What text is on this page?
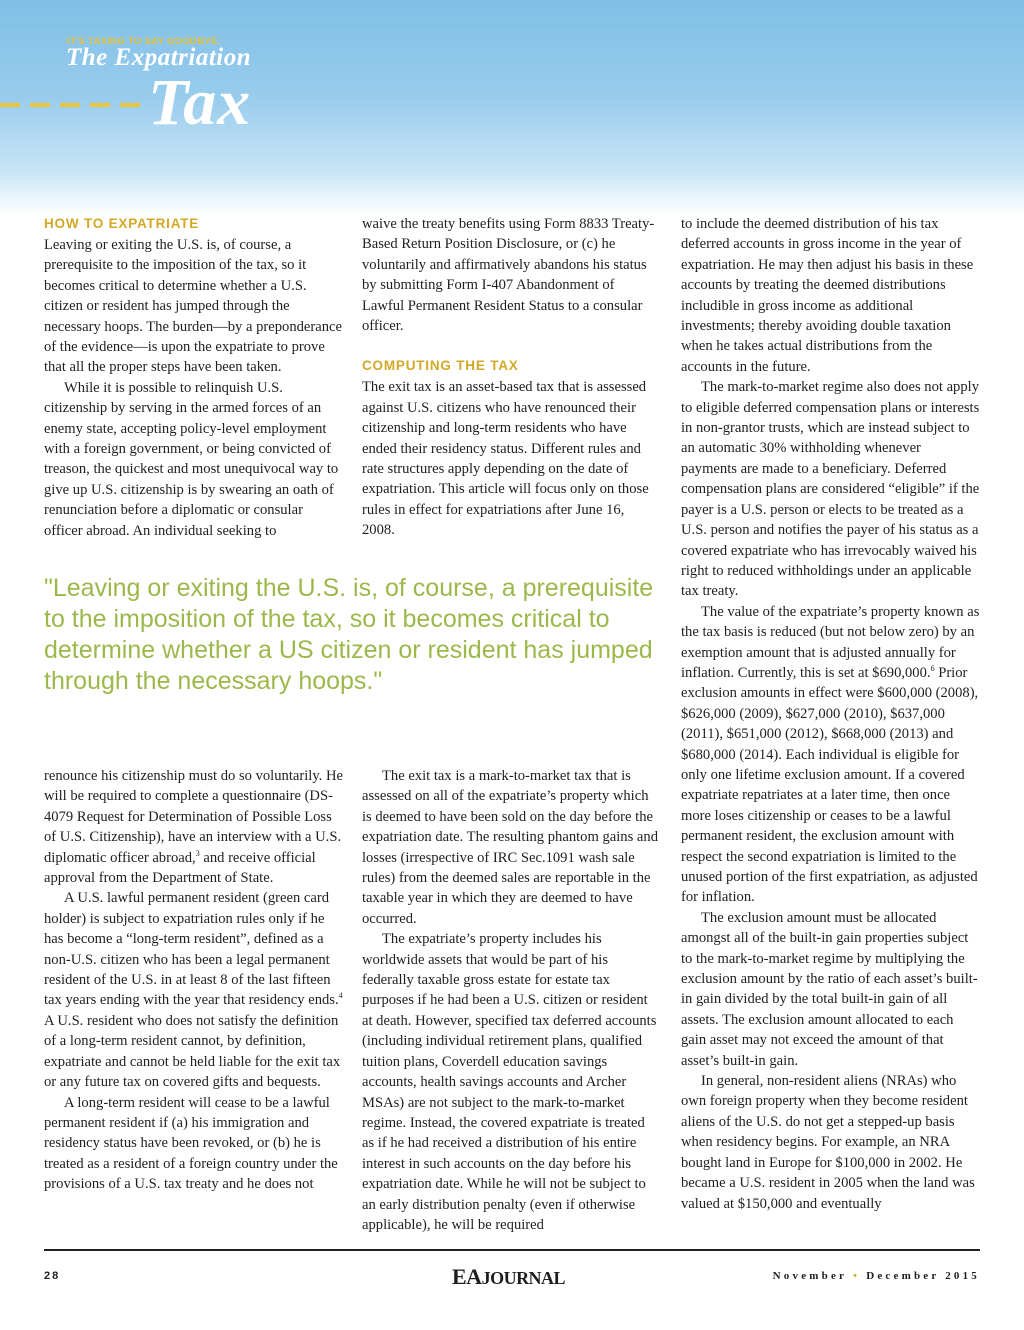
IT'S TAXING TO SAY GOODBYE:
The Expatriation
Tax
HOW TO EXPATRIATE

Leaving or exiting the U.S. is, of course, a prerequisite to the imposition of the tax, so it becomes critical to determine whether a U.S. citizen or resident has jumped through the necessary hoops. The burden—by a preponderance of the evidence—is upon the expatriate to prove that all the proper steps have been taken.

While it is possible to relinquish U.S. citizenship by serving in the armed forces of an enemy state, accepting policy-level employment with a foreign government, or being convicted of treason, the quickest and most unequivocal way to give up U.S. citizenship is by swearing an oath of renunciation before a diplomatic or consular officer abroad. An individual seeking to

waive the treaty benefits using Form 8833 Treaty-Based Return Position Disclosure, or (c) he voluntarily and affirmatively abandons his status by submitting Form I-407 Abandonment of Lawful Permanent Resident Status to a consular officer.

COMPUTING THE TAX

The exit tax is an asset-based tax that is assessed against U.S. citizens who have renounced their citizenship and long-term residents who have ended their residency status. Different rules and rate structures apply depending on the date of expatriation. This article will focus only on those rules in effect for expatriations after June 16, 2008.

"Leaving or exiting the U.S. is, of course, a prerequisite to the imposition of the tax, so it becomes critical to determine whether a US citizen or resident has jumped through the necessary hoops."

renounce his citizenship must do so voluntarily. He will be required to complete a questionnaire (DS-4079 Request for Determination of Possible Loss of U.S. Citizenship), have an interview with a U.S. diplomatic officer abroad,$^3$ and receive official approval from the Department of State.

A U.S. lawful permanent resident (green card holder) is subject to expatriation rules only if he has become a “long-term resident”, defined as a non-U.S. citizen who has been a legal permanent resident of the U.S. in at least 8 of the last fifteen tax years ending with the year that residency ends.$^4$ A U.S. resident who does not satisfy the definition of a long-term resident cannot, by definition, expatriate and cannot be held liable for the exit tax or any future tax on covered gifts and bequests.

A long-term resident will cease to be a lawful permanent resident if (a) his immigration and residency status have been revoked, or (b) he is treated as a resident of a foreign country under the provisions of a U.S. tax treaty and he does not

The exit tax is a mark-to-market tax that is assessed on all of the expatriate’s property which is deemed to have been sold on the day before the expatriation date. The resulting phantom gains and losses (irrespective of IRC Sec.1091 wash sale rules) from the deemed sales are reportable in the taxable year in which they are deemed to have occurred.

The expatriate’s property includes his worldwide assets that would be part of his federally taxable gross estate for estate tax purposes if he had been a U.S. citizen or resident at death. However, specified tax deferred accounts (including individual retirement plans, qualified tuition plans, Coverdell education savings accounts, health savings accounts and Archer MSAs) are not subject to the mark-to-market regime. Instead, the covered expatriate is treated as if he had received a distribution of his entire interest in such accounts on the day before his expatriation date. While he will not be subject to an early distribution penalty (even if otherwise applicable), he will be required

to include the deemed distribution of his tax deferred accounts in gross income in the year of expatriation. He may then adjust his basis in these accounts by treating the deemed distributions includible in gross income as additional investments; thereby avoiding double taxation when he takes actual distributions from the accounts in the future.

The mark-to-market regime also does not apply to eligible deferred compensation plans or interests in non-grantor trusts, which are instead subject to an automatic 30% withholding whenever payments are made to a beneficiary. Deferred compensation plans are considered “eligible” if the payer is a U.S. person or elects to be treated as a U.S. person and notifies the payer of his status as a covered expatriate who has irrevocably waived his right to reduced withholdings under an applicable tax treaty.

The value of the expatriate’s property known as the tax basis is reduced (but not below zero) by an exemption amount that is adjusted annually for inflation. Currently, this is set at $690,000.$^6$ Prior exclusion amounts in effect were $600,000 (2008), $626,000 (2009), $627,000 (2010), $637,000 (2011), $651,000 (2012), $668,000 (2013) and $680,000 (2014). Each individual is eligible for only one lifetime exclusion amount. If a covered expatriate repatriates at a later time, then once more loses citizenship or ceases to be a lawful permanent resident, the exclusion amount with respect the second expatriation is limited to the unused portion of the first expatriation, as adjusted for inflation.

The exclusion amount must be allocated amongst all of the built-in gain properties subject to the mark-to-market regime by multiplying the exclusion amount by the ratio of each asset’s built-in gain divided by the total built-in gain of all assets. The exclusion amount allocated to each gain asset may not exceed the amount of that asset’s built-in gain.

In general, non-resident aliens (NRAs) who own foreign property when they become resident aliens of the U.S. do not get a stepped-up basis when residency begins. For example, an NRA bought land in Europe for $100,000 in 2002. He became a U.S. resident in 2005 when the land was valued at $150,000 and eventually

28	EAJOURNAL	November • December 2015
